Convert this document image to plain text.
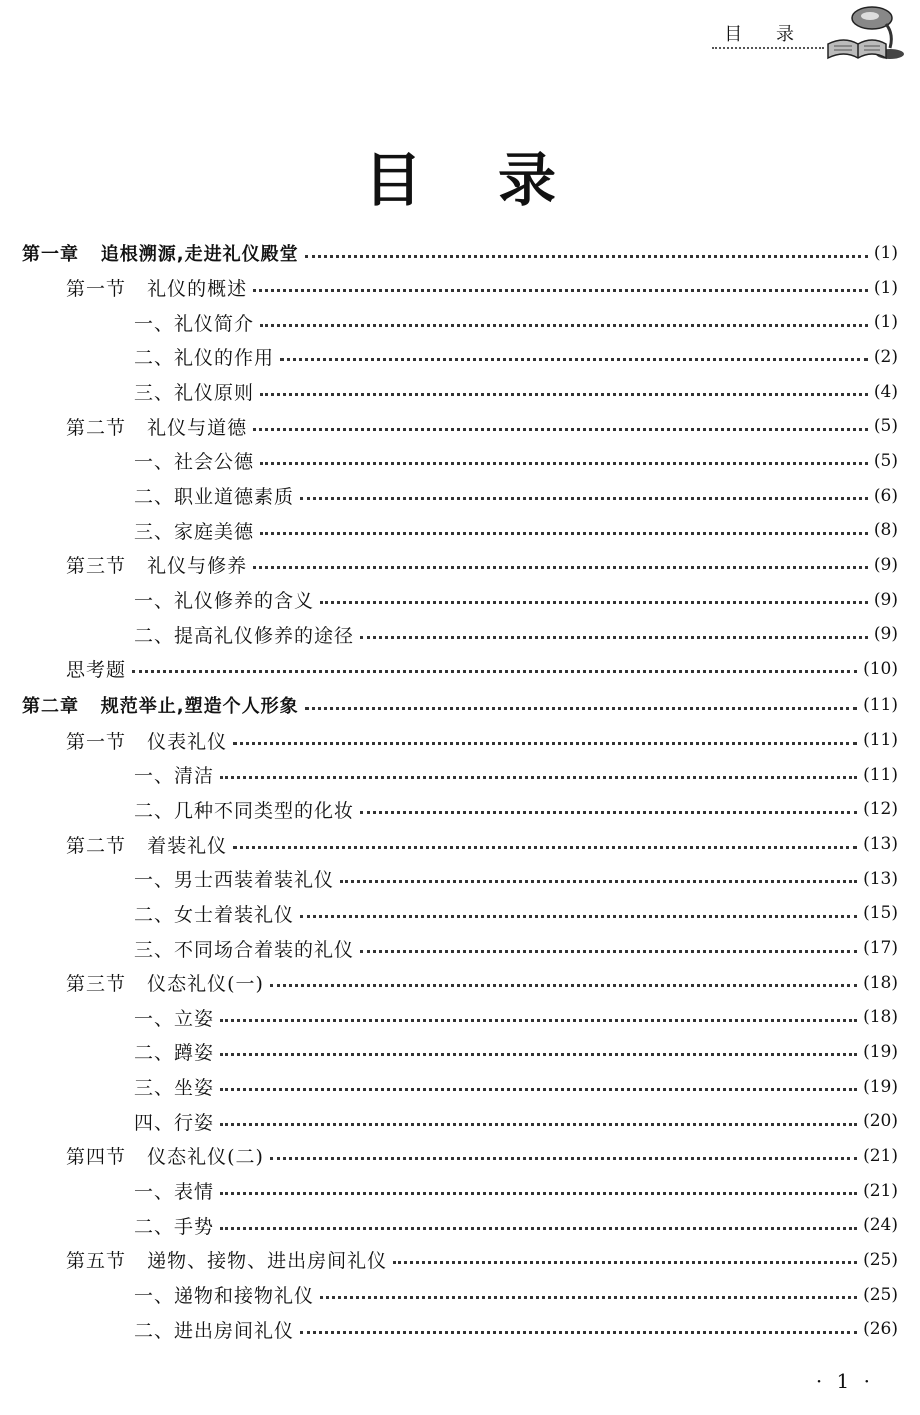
目 录
目录
第一章   追根溯源,走进礼仪殿堂	(1)
第一节   礼仪的概述	(1)
一、礼仪简介	(1)
二、礼仪的作用	(2)
三、礼仪原则	(4)
第二节   礼仪与道德	(5)
一、社会公德	(5)
二、职业道德素质	(6)
三、家庭美德	(8)
第三节   礼仪与修养	(9)
一、礼仪修养的含义	(9)
二、提高礼仪修养的途径	(9)
思考题	(10)
第二章   规范举止,塑造个人形象	(11)
第一节   仪表礼仪	(11)
一、清洁	(11)
二、几种不同类型的化妆	(12)
第二节   着装礼仪	(13)
一、男士西装着装礼仪	(13)
二、女士着装礼仪	(15)
三、不同场合着装的礼仪	(17)
第三节   仪态礼仪(一)	(18)
一、立姿	(18)
二、蹲姿	(19)
三、坐姿	(19)
四、行姿	(20)
第四节   仪态礼仪(二)	(21)
一、表情	(21)
二、手势	(24)
第五节   递物、接物、进出房间礼仪	(25)
一、递物和接物礼仪	(25)
二、进出房间礼仪	(26)
· 1 ·
